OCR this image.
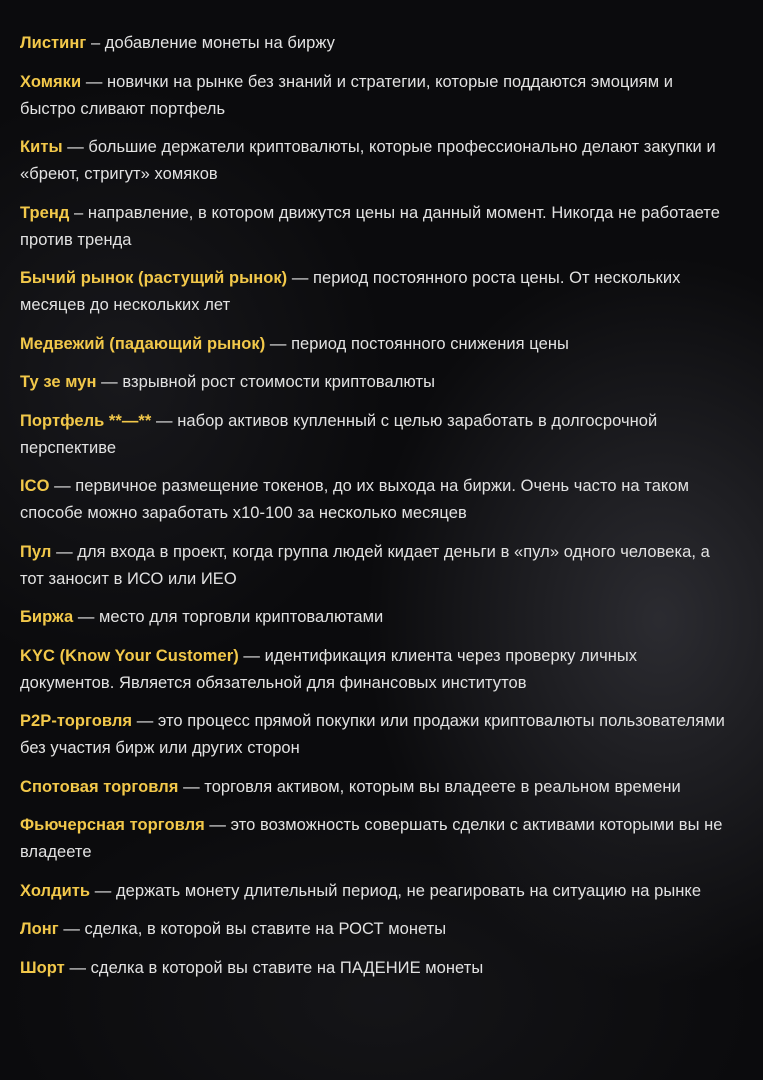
Листинг – добавление монеты на биржу
Хомяки — новички на рынке без знаний и стратегии, которые поддаются эмоциям и быстро сливают портфель
Киты — большие держатели криптовалюты, которые профессионально делают закупки и «бреют, стригут» хомяков
Тренд – направление, в котором движутся цены на данный момент. Никогда не работаете против тренда
Бычий рынок (растущий рынок) — период постоянного роста цены. От нескольких месяцев до нескольких лет
Медвежий (падающий рынок) — период постоянного снижения цены
Ту зе мун — взрывной рост стоимости криптовалюты
Портфель **—** — набор активов купленный с целью заработать в долгосрочной перспективе
ICO — первичное размещение токенов, до их выхода на биржи. Очень часто на таком способе можно заработать х10-100 за несколько месяцев
Пул — для входа в проект, когда группа людей кидает деньги в «пул» одного человека, а тот заносит в ИСО или ИЕО
Биржа — место для торговли криптовалютами
KYC (Know Your Customer) — идентификация клиента через проверку личных документов. Является обязательной для финансовых институтов
P2P-торговля — это процесс прямой покупки или продажи криптовалюты пользователями без участия бирж или других сторон
Спотовая торговля — торговля активом, которым вы владеете в реальном времени
Фьючерсная торговля — это возможность совершать сделки с активами которыми вы не владеете
Холдить — держать монету длительный период, не реагировать на ситуацию на рынке
Лонг — сделка, в которой вы ставите на РОСТ монеты
Шорт — сделка в которой вы ставите на ПАДЕНИЕ монеты
